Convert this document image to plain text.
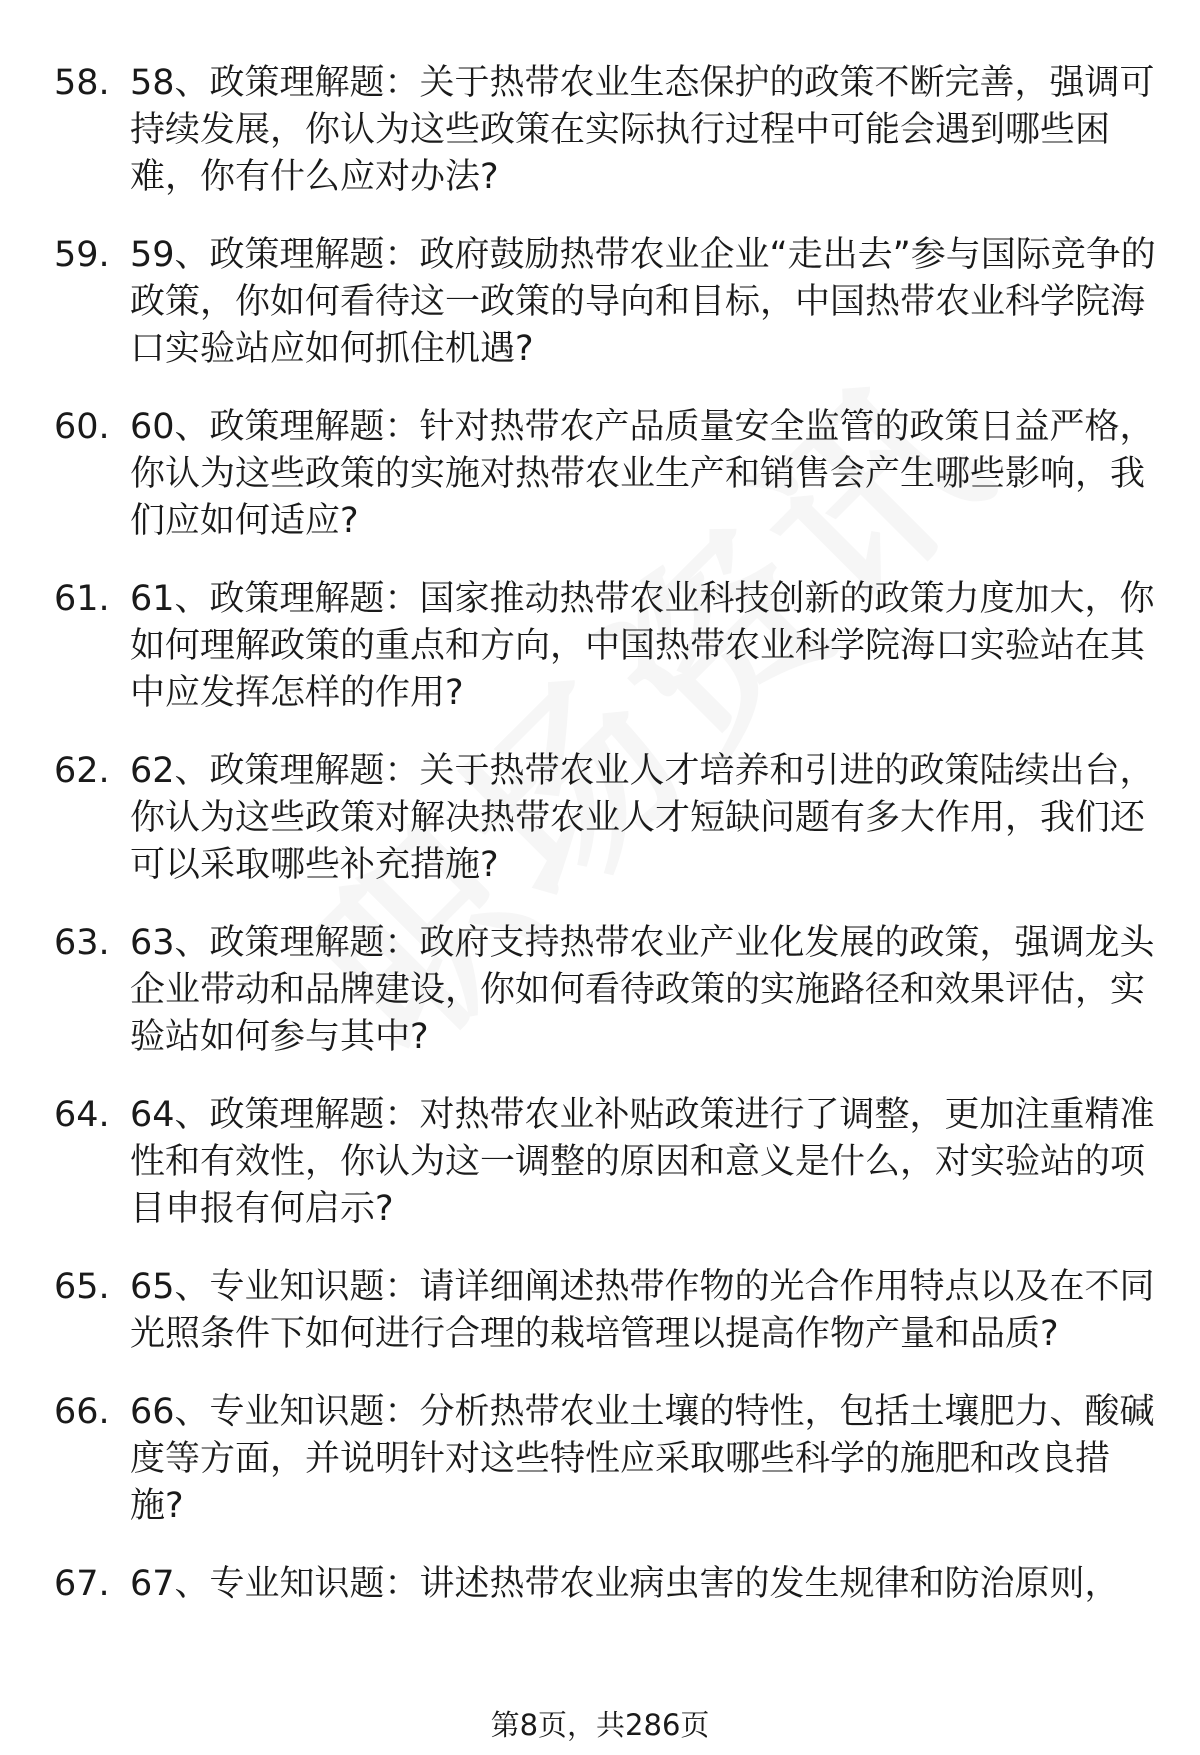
58. 58、政策理解题：关于热带农业生态保护的政策不断完善，强调可持续发展，你认为这些政策在实际执行过程中可能会遇到哪些困难，你有什么应对办法?
59. 59、政策理解题：政府鼓励热带农业企业“走出去”参与国际竞争的政策，你如何看待这一政策的导向和目标，中国热带农业科学院海口实验站应如何抓住机遇?
60. 60、政策理解题：针对热带农产品质量安全监管的政策日益严格，你认为这些政策的实施对热带农业生产和销售会产生哪些影响，我们应如何适应?
61. 61、政策理解题：国家推动热带农业科技创新的政策力度加大，你如何理解政策的重点和方向，中国热带农业科学院海口实验站在其中应发挥怎样的作用?
62. 62、政策理解题：关于热带农业人才培养和引进的政策陆续出台，你认为这些政策对解决热带农业人才短缺问题有多大作用，我们还可以采取哪些补充措施?
63. 63、政策理解题：政府支持热带农业产业化发展的政策，强调龙头企业带动和品牌建设，你如何看待政策的实施路径和效果评估，实验站如何参与其中?
64. 64、政策理解题：对热带农业补贴政策进行了调整，更加注重精准性和有效性，你认为这一调整的原因和意义是什么，对实验站的项目申报有何启示?
65. 65、专业知识题：请详细阐述热带作物的光合作用特点以及在不同光照条件下如何进行合理的栽培管理以提高作物产量和品质?
66. 66、专业知识题：分析热带农业土壤的特性，包括土壤肥力、酸碱度等方面，并说明针对这些特性应采取哪些科学的施肥和改良措施?
67. 67、专业知识题：讲述热带农业病虫害的发生规律和防治原则，
第8页，共286页
